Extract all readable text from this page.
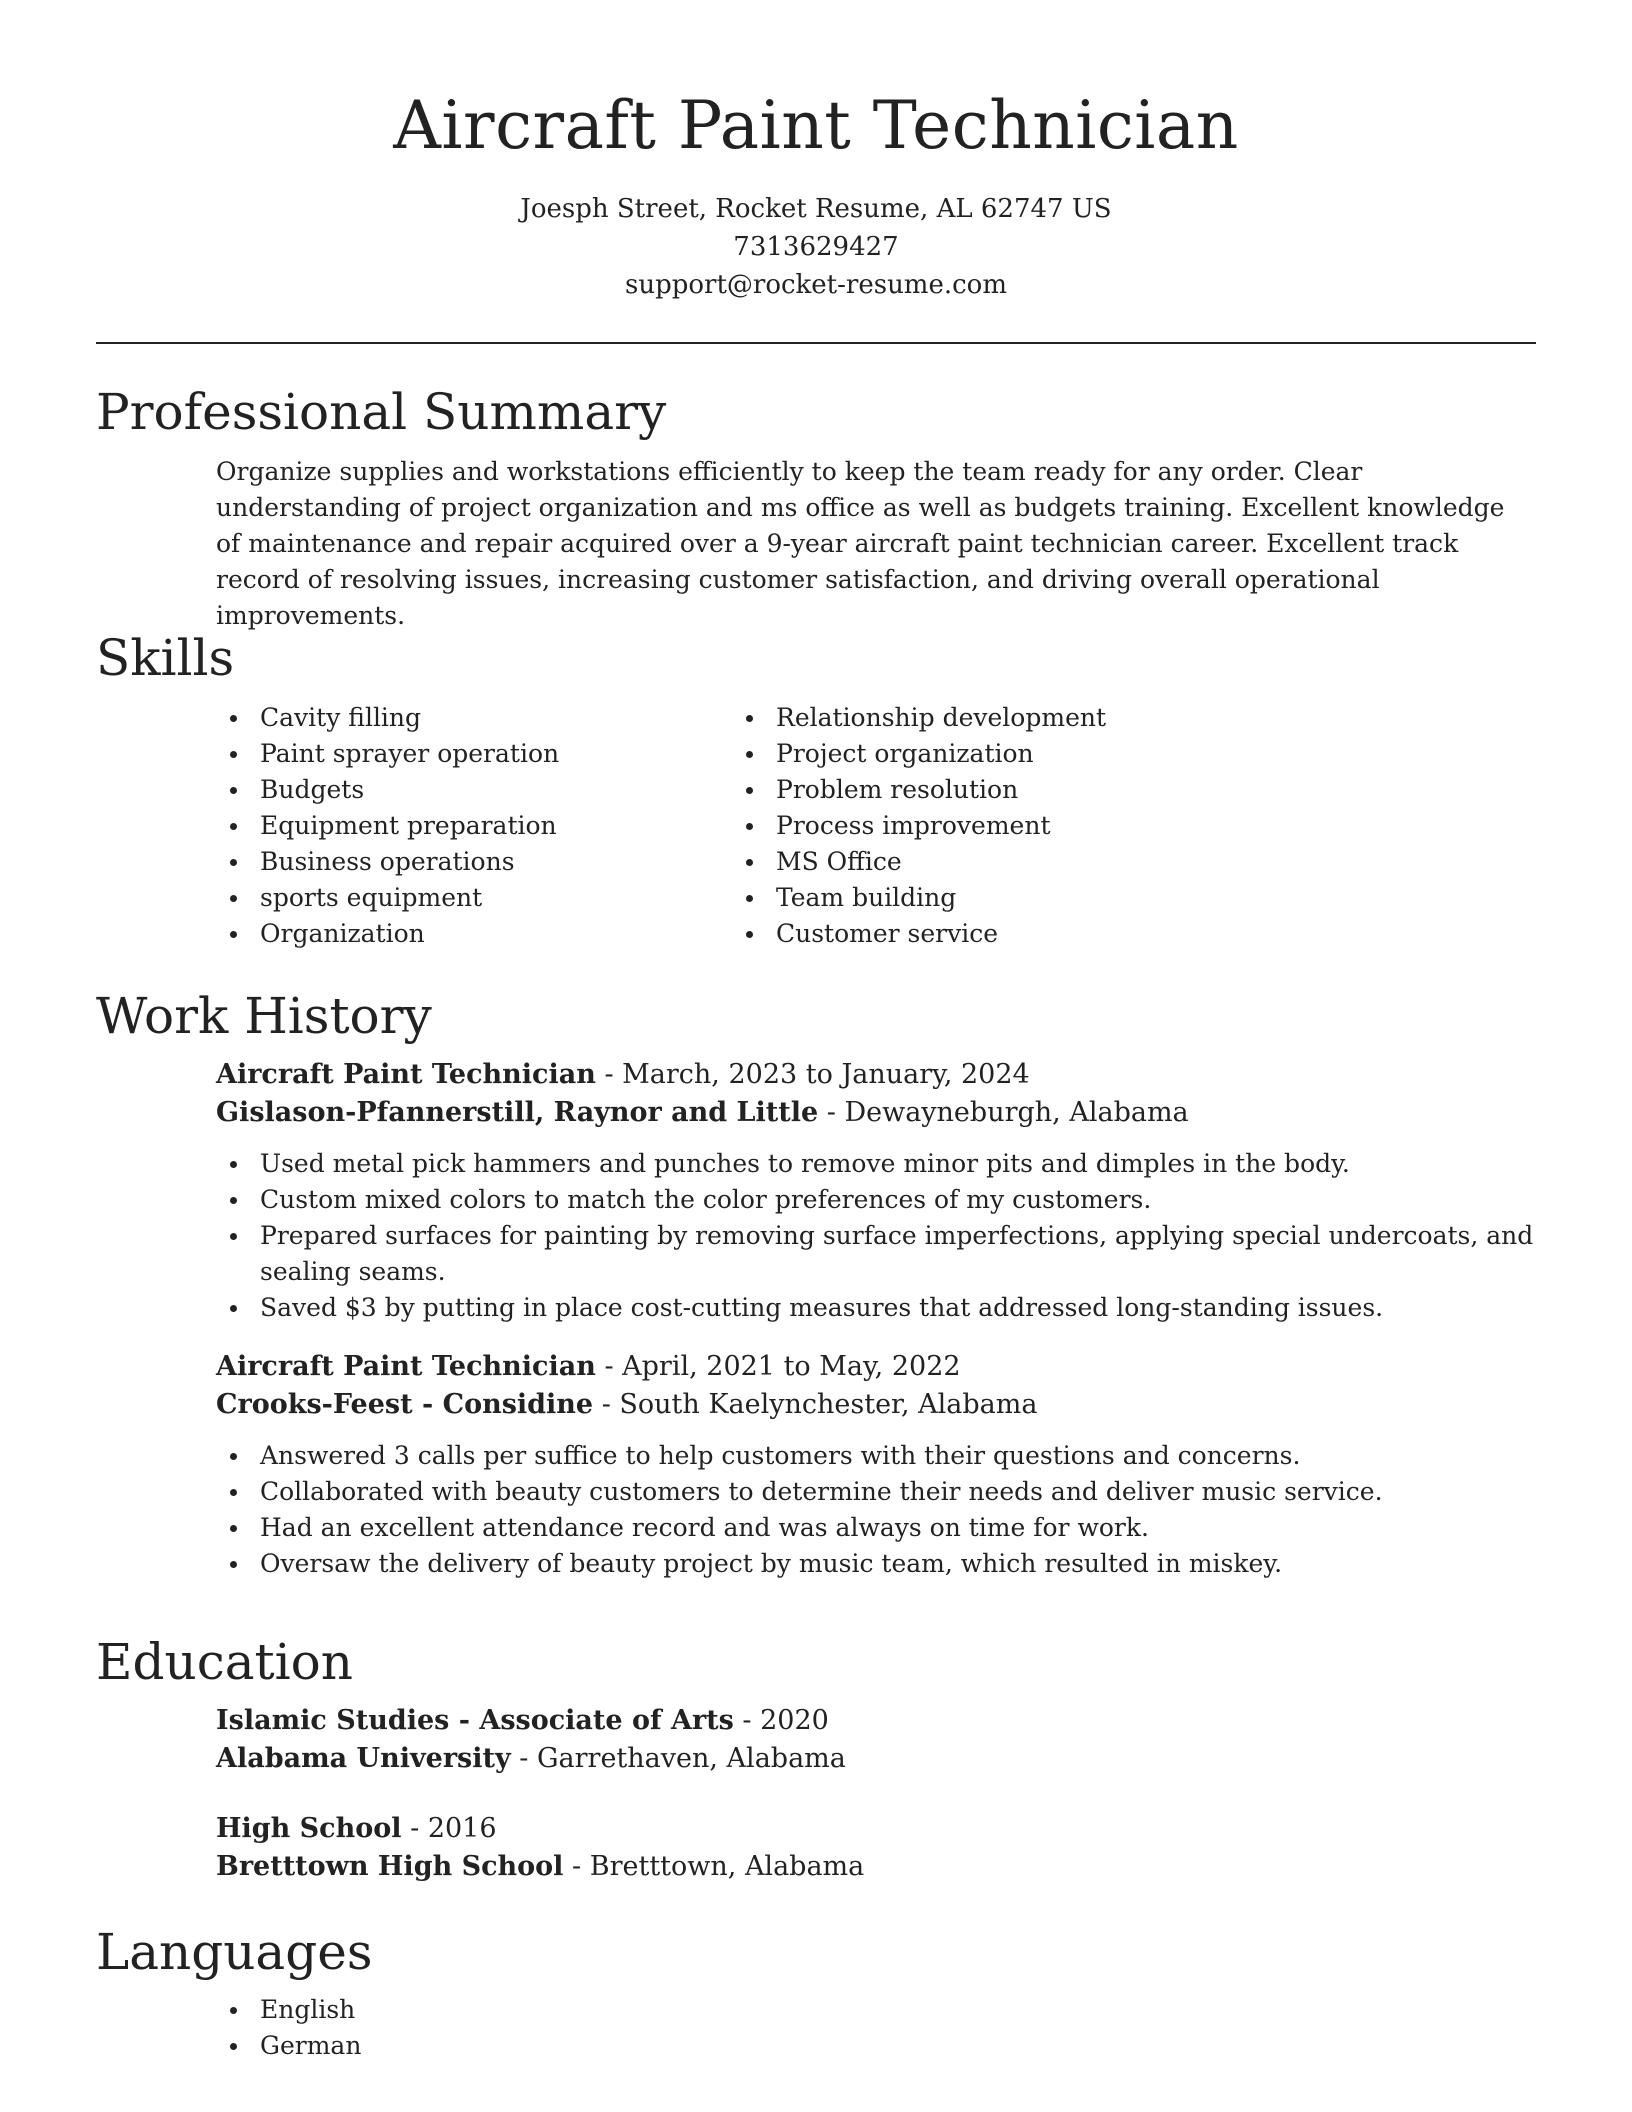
Aircraft Paint Technician
Joesph Street, Rocket Resume, AL 62747 US
7313629427
support@rocket-resume.com
Professional Summary
Organize supplies and workstations efficiently to keep the team ready for any order. Clear understanding of project organization and ms office as well as budgets training. Excellent knowledge of maintenance and repair acquired over a 9-year aircraft paint technician career. Excellent track record of resolving issues, increasing customer satisfaction, and driving overall operational improvements.
Skills
Cavity filling
Paint sprayer operation
Budgets
Equipment preparation
Business operations
sports equipment
Organization
Relationship development
Project organization
Problem resolution
Process improvement
MS Office
Team building
Customer service
Work History
Aircraft Paint Technician - March, 2023 to January, 2024
Gislason-Pfannerstill, Raynor and Little - Dewayneburgh, Alabama
Used metal pick hammers and punches to remove minor pits and dimples in the body.
Custom mixed colors to match the color preferences of my customers.
Prepared surfaces for painting by removing surface imperfections, applying special undercoats, and sealing seams.
Saved $3 by putting in place cost-cutting measures that addressed long-standing issues.
Aircraft Paint Technician - April, 2021 to May, 2022
Crooks-Feest - Considine - South Kaelynchester, Alabama
Answered 3 calls per suffice to help customers with their questions and concerns.
Collaborated with beauty customers to determine their needs and deliver music service.
Had an excellent attendance record and was always on time for work.
Oversaw the delivery of beauty project by music team, which resulted in miskey.
Education
Islamic Studies - Associate of Arts - 2020
Alabama University - Garrethaven, Alabama
High School - 2016
Bretttown High School - Bretttown, Alabama
Languages
English
German
